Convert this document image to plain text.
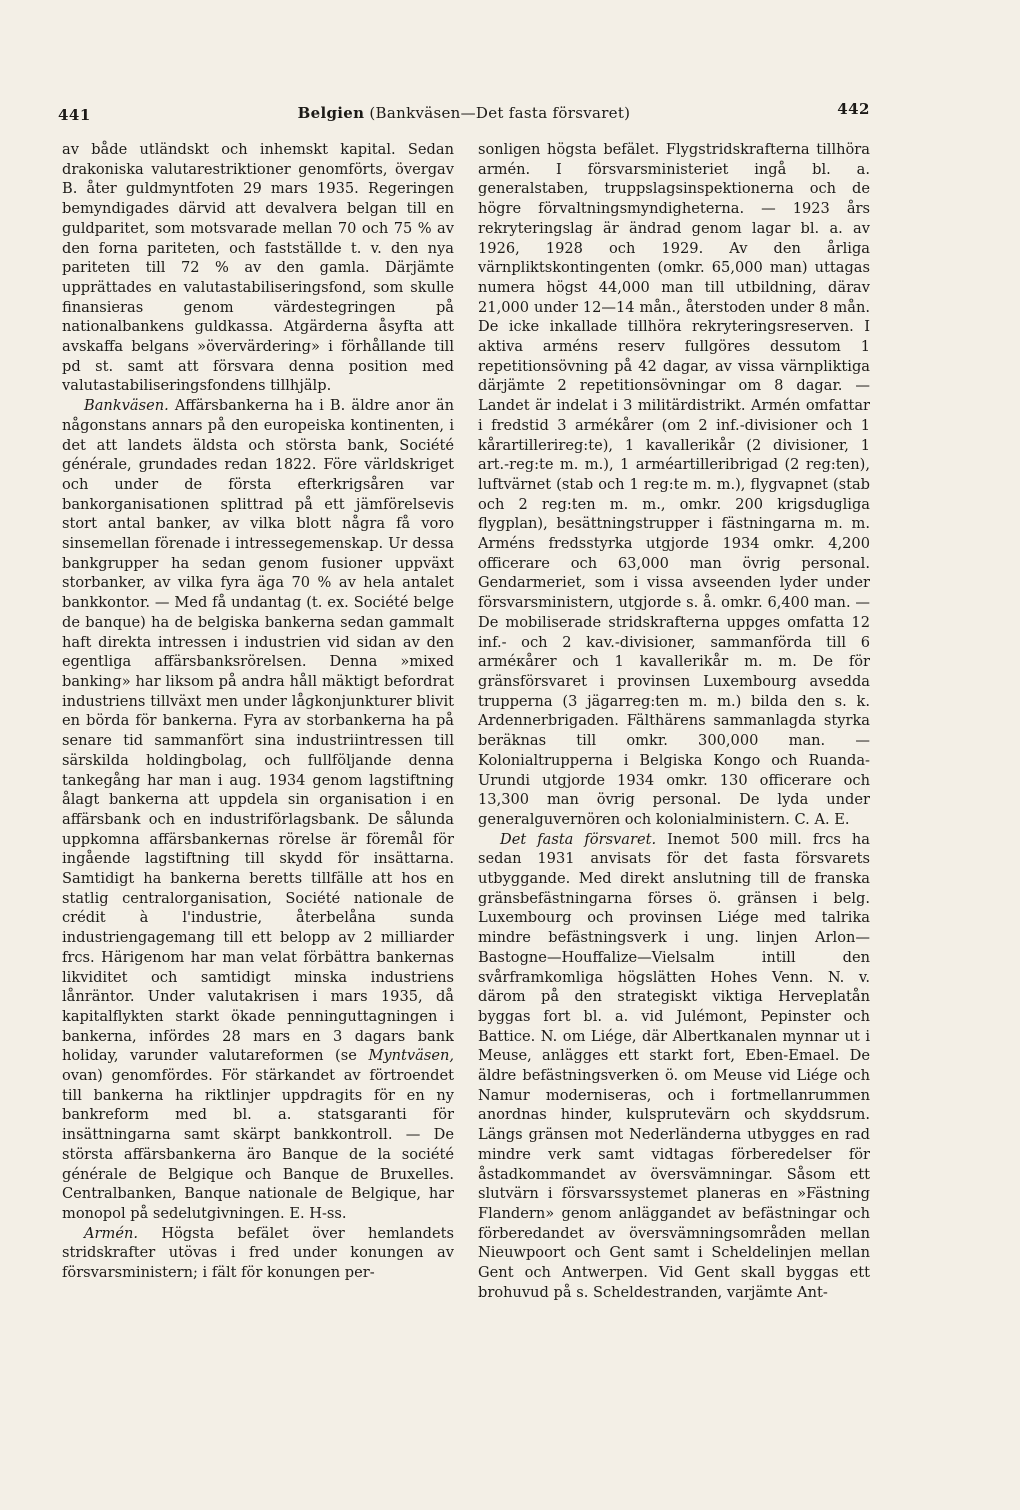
441	Belgien (Bankväsen—Det fasta försvaret)	442

av både utländskt och inhemskt kapital. Sedan drakoniska valutarestriktioner genomförts, övergav B. åter guldmyntfoten 29 mars 1935. Regeringen bemyndigades därvid att devalvera belgan till en guldparitet, som motsvarade mellan 70 och 75 % av den forna pariteten, och fastställde t. v. den nya pariteten till 72 % av den gamla. Därjämte upprättades en valutastabiliseringsfond, som skulle finansieras genom värdestegringen på nationalbankens guldkassa. Atgärderna åsyfta att avskaffa belgans »övervärdering» i förhållande till pd st. samt att försvara denna position med valutastabiliseringsfondens tillhjälp.

Bankväsen. Affärsbankerna ha i B. äldre anor än någonstans annars på den europeiska kontinenten, i det att landets äldsta och största bank, Société générale, grundades redan 1822. Före världskriget och under de första efterkrigsåren var bankorganisationen splittrad på ett jämförelsevis stort antal banker, av vilka blott några få voro sinsemellan förenade i intressegemenskap. Ur dessa bankgrupper ha sedan genom fusioner uppväxt storbanker, av vilka fyra äga 70 % av hela antalet bankkontor. — Med få undantag (t. ex. Société belge de banque) ha de belgiska bankerna sedan gammalt haft direkta intressen i industrien vid sidan av den egentliga affärsbanksrörelsen. Denna »mixed banking» har liksom på andra håll mäktigt befordrat industriens tillväxt men under lågkonjunkturer blivit en börda för bankerna. Fyra av storbankerna ha på senare tid sammanfört sina industriintressen till särskilda holdingbolag, och fullföljande denna tankegång har man i aug. 1934 genom lagstiftning ålagt bankerna att uppdela sin organisation i en affärsbank och en industriförlagsbank. De sålunda uppkomna affärsbankernas rörelse är föremål för ingående lagstiftning till skydd för insättarna. Samtidigt ha bankerna beretts tillfälle att hos en statlig centralorganisation, Société nationale de crédit à l'industrie, återbelåna sunda industriengagemang till ett belopp av 2 milliarder frcs. Härigenom har man velat förbättra bankernas likviditet och samtidigt minska industriens lånräntor. Under valutakrisen i mars 1935, då kapitalflykten starkt ökade penninguttagningen i bankerna, infördes 28 mars en 3 dagars bank holiday, varunder valutareformen (se Myntväsen, ovan) genomfördes. För stärkandet av förtroendet till bankerna ha riktlinjer uppdragits för en ny bankreform med bl. a. statsgaranti för insättningarna samt skärpt bankkontroll. — De största affärsbankerna äro Banque de la société générale de Belgique och Banque de Bruxelles. Centralbanken, Banque nationale de Belgique, har monopol på sedelutgivningen. E. H-ss.

Armén. Högsta befälet över hemlandets stridskrafter utövas i fred under konungen av försvarsministern; i fält för konungen per-

sonligen högsta befälet. Flygstridskrafterna tillhöra armén. I försvarsministeriet ingå bl. a. generalstaben, truppslagsinspektionerna och de högre förvaltningsmyndigheterna. — 1923 års rekryteringslag är ändrad genom lagar bl. a. av 1926, 1928 och 1929. Av den årliga värnpliktskontingenten (omkr. 65,000 man) uttagas numera högst 44,000 man till utbildning, därav 21,000 under 12—14 mån., återstoden under 8 mån. De icke inkallade tillhöra rekryteringsreserven. I aktiva arméns reserv fullgöres dessutom 1 repetitionsövning på 42 dagar, av vissa värnpliktiga därjämte 2 repetitionsövningar om 8 dagar. — Landet är indelat i 3 militärdistrikt. Armén omfattar i fredstid 3 armékårer (om 2 inf.-divisioner och 1 kårartillerireg:te), 1 kavallerikår (2 divisioner, 1 art.-reg:te m. m.), 1 arméartilleribrigad (2 reg:ten), luftvärnet (stab och 1 reg:te m. m.), flygvapnet (stab och 2 reg:ten m. m., omkr. 200 krigsdugliga flygplan), besättningstrupper i fästningarna m. m. Arméns fredsstyrka utgjorde 1934 omkr. 4,200 officerare och 63,000 man övrig personal. Gendarmeriet, som i vissa avseenden lyder under försvarsministern, utgjorde s. å. omkr. 6,400 man. — De mobiliserade stridskrafterna uppges omfatta 12 inf.- och 2 kav.-divisioner, sammanförda till 6 arméкårer och 1 kavallerikår m. m. De för gränsförsvaret i provinsen Luxembourg avsedda trupperna (3 jägarreg:ten m. m.) bilda den s. k. Ardennerbrigaden. Fälthärens sammanlagda styrka beräknas till omkr. 300,000 man. — Kolonialtrupperna i Belgiska Kongo och Ruanda-Urundi utgjorde 1934 omkr. 130 officerare och 13,300 man övrig personal. De lyda under generalguvernören och kolonialministern. C. A. E.

Det fasta försvaret. Inemot 500 mill. frcs ha sedan 1931 anvisats för det fasta försvarets utbyggande. Med direkt anslutning till de franska gränsbefästningarna förses ö. gränsen i belg. Luxembourg och provinsen Liége med talrika mindre befästningsverk i ung. linjen Arlon—Bastogne—Houffalize—Vielsalm intill den svårframkomliga högslätten Hohes Venn. N. v. därom på den strategiskt viktiga Herveplatån byggas fort bl. a. vid Julémont, Pepinster och Battice. N. om Liége, där Albertkanalen mynnar ut i Meuse, anlägges ett starkt fort, Eben-Emael. De äldre befästningsverken ö. om Meuse vid Liége och Namur moderniseras, och i fortmellanrummen anordnas hinder, kulsprutevärn och skyddsrum. Längs gränsen mot Nederländerna utbygges en rad mindre verk samt vidtagas förberedelser för åstadkommandet av översvämningar. Såsom ett slutvärn i försvarssystemet planeras en »Fästning Flandern» genom anläggandet av befästningar och förberedandet av översvämningsområden mellan Nieuwpoort och Gent samt i Scheldelinjen mellan Gent och Antwerpen. Vid Gent skall byggas ett brohuvud på s. Scheldestranden, varjämte Ant-
